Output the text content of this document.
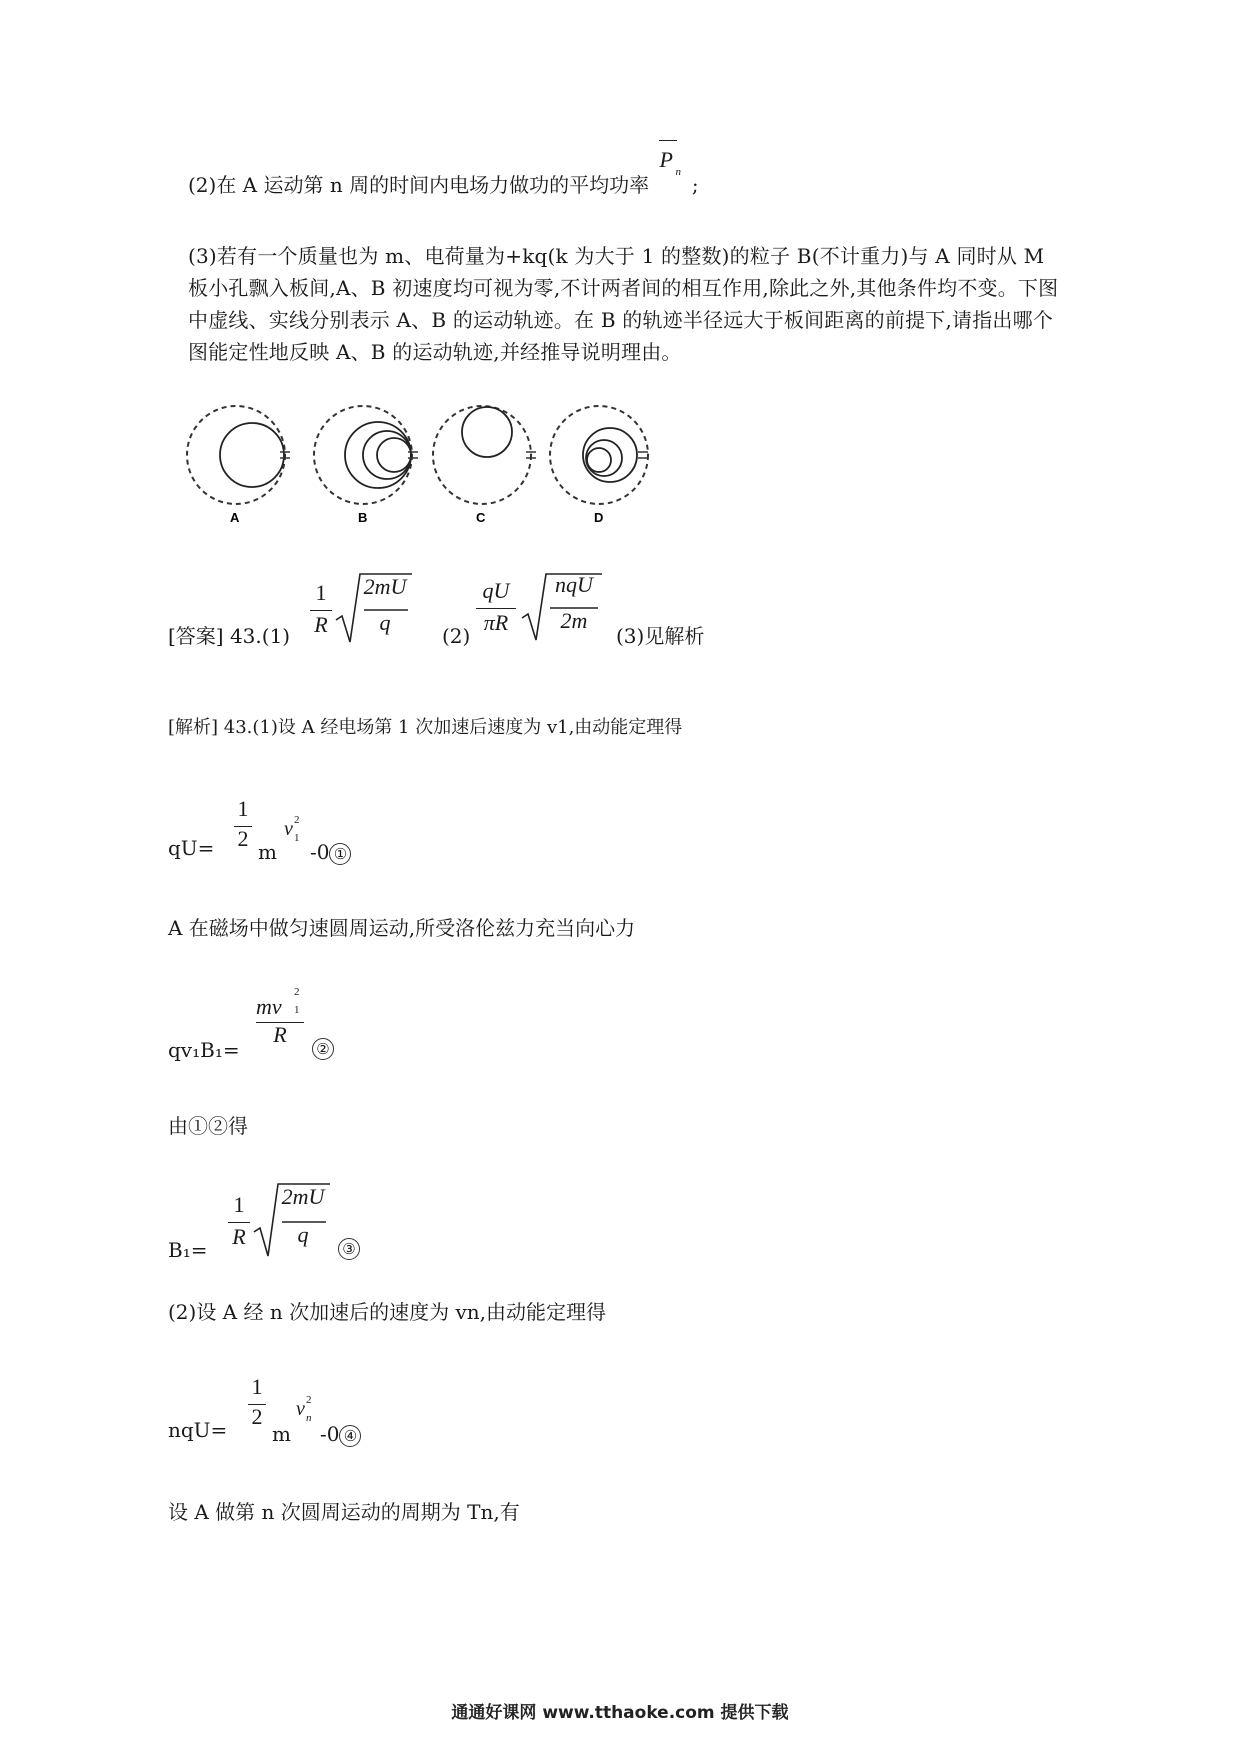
(2)在 A 运动第 n 周的时间内电场力做功的平均功率
P n
;
(3)若有一个质量也为 m、电荷量为+kq(k 为大于 1 的整数)的粒子 B(不计重力)与 A 同时从 M 板小孔飘入板间,A、B 初速度均可视为零,不计两者间的相互作用,除此之外,其他条件均不变。下图中虚线、实线分别表示 A、B 的运动轨迹。在 B 的轨迹半径远大于板间距离的前提下,请指出哪个图能定性地反映 A、B 的运动轨迹,并经推导说明理由。
A	B	C	D
[答案] 43.(1)
1
R
2mU
q
(2)
qU
πR
nqU
2m
(3)见解析
[解析] 43.(1)设 A 经电场第 1 次加速后速度为 v1,由动能定理得
qU=
1
2
m
v 2
1
-0 ①
A 在磁场中做匀速圆周运动,所受洛伦兹力充当向心力
qv₁B₁=
mv
2
1
R
②
由①②得
B₁=
1
R
2mU
q
③
(2)设 A 经 n 次加速后的速度为 vn,由动能定理得
nqU=
1
2
m
v 2
n
-0 ④
设 A 做第 n 次圆周运动的周期为 Tn,有
通通好课网 www.tthaoke.com 提供下载
